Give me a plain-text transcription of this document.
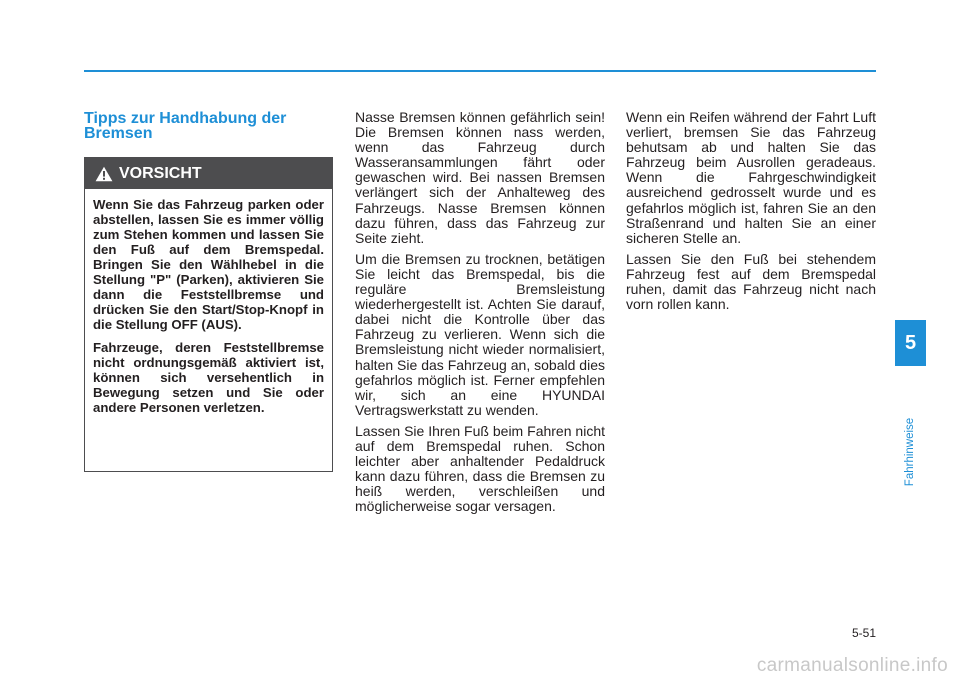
Tipps zur Handhabung der Bremsen
VORSICHT

Wenn Sie das Fahrzeug parken oder abstellen, lassen Sie es immer völlig zum Stehen kommen und lassen Sie den Fuß auf dem Bremspedal. Bringen Sie den Wählhebel in die Stellung "P" (Parken), aktivieren Sie dann die Feststellbremse und drücken Sie den Start/Stop-Knopf in die Stellung OFF (AUS).

Fahrzeuge, deren Feststellbremse nicht ordnungsgemäß aktiviert ist, können sich versehentlich in Bewegung setzen und Sie oder andere Personen verletzen.

Nasse Bremsen können gefährlich sein! Die Bremsen können nass werden, wenn das Fahrzeug durch Wasseransammlungen fährt oder gewaschen wird. Bei nassen Bremsen verlängert sich der Anhalteweg des Fahrzeugs. Nasse Bremsen können dazu führen, dass das Fahrzeug zur Seite zieht.

Um die Bremsen zu trocknen, betätigen Sie leicht das Bremspedal, bis die reguläre Bremsleistung wiederhergestellt ist. Achten Sie darauf, dabei nicht die Kontrolle über das Fahrzeug zu verlieren. Wenn sich die Bremsleistung nicht wieder normalisiert, halten Sie das Fahrzeug an, sobald dies gefahrlos möglich ist. Ferner empfehlen wir, sich an eine HYUNDAI Vertragswerkstatt zu wenden.

Lassen Sie Ihren Fuß beim Fahren nicht auf dem Bremspedal ruhen. Schon leichter aber anhaltender Pedaldruck kann dazu führen, dass die Bremsen zu heiß werden, verschleißen und möglicherweise sogar versagen.

Wenn ein Reifen während der Fahrt Luft verliert, bremsen Sie das Fahrzeug behutsam ab und halten Sie das Fahrzeug beim Ausrollen geradeaus. Wenn die Fahrgeschwindigkeit ausreichend gedrosselt wurde und es gefahrlos möglich ist, fahren Sie an den Straßenrand und halten Sie an einer sicheren Stelle an.

Lassen Sie den Fuß bei stehendem Fahrzeug fest auf dem Bremspedal ruhen, damit das Fahrzeug nicht nach vorn rollen kann.

5
Fahrhinweise
5-51
carmanualsonline.info
